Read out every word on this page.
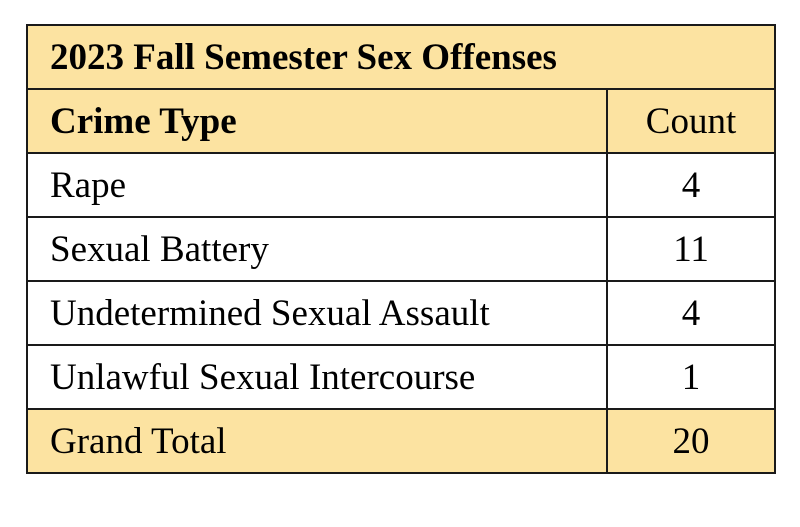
2023 Fall Semester Sex Offenses	
Crime Type	Count
Rape	4
Sexual Battery	11
Undetermined Sexual Assault	4
Unlawful Sexual Intercourse	1
Grand Total	20
